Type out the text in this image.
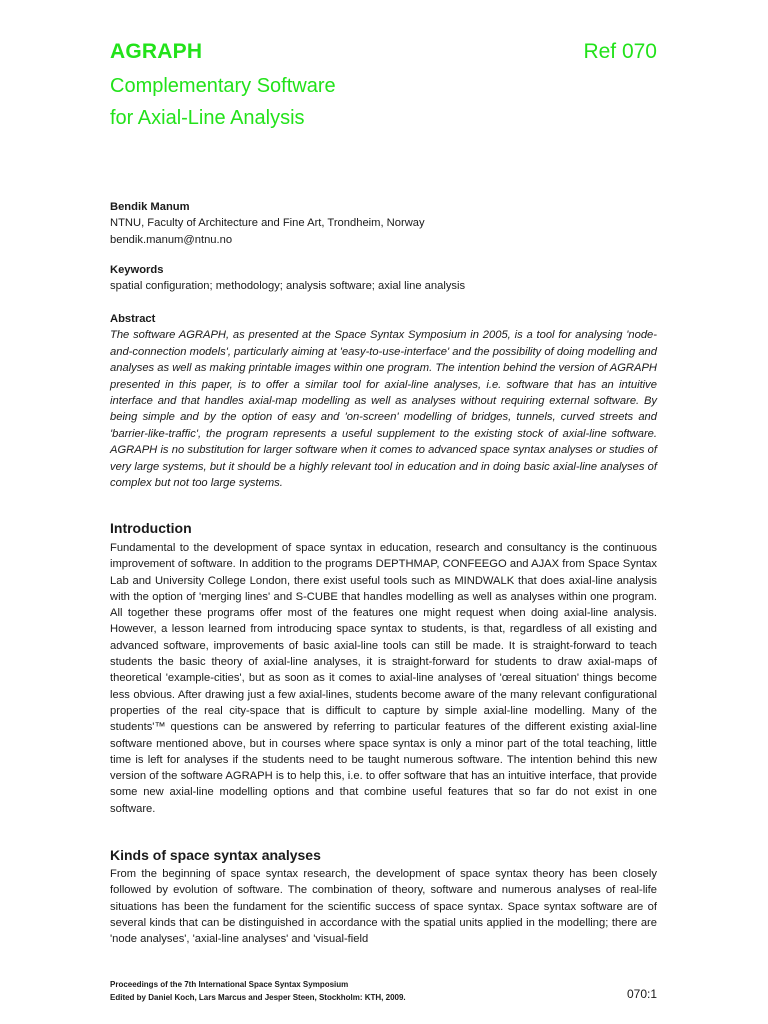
AGRAPH	Ref 070
Complementary Software
for Axial-Line Analysis
Bendik Manum
NTNU, Faculty of Architecture and Fine Art, Trondheim, Norway
bendik.manum@ntnu.no
Keywords
spatial configuration; methodology; analysis software; axial line analysis
Abstract

The software AGRAPH, as presented at the Space Syntax Symposium in 2005, is a tool for analysing 'node-and-connection models', particularly aiming at 'easy-to-use-interface' and the possibility of doing modelling and analyses as well as making printable images within one program. The intention behind the version of AGRAPH presented in this paper, is to offer a similar tool for axial-line analyses, i.e. software that has an intuitive interface and that handles axial-map modelling as well as analyses without requiring external software. By being simple and by the option of easy and 'on-screen' modelling of bridges, tunnels, curved streets and 'barrier-like-traffic', the program represents a useful supplement to the existing stock of axial-line software. AGRAPH is no substitution for larger software when it comes to advanced space syntax analyses or studies of very large systems, but it should be a highly relevant tool in education and in doing basic axial-line analyses of complex but not too large systems.

Introduction

Fundamental to the development of space syntax in education, research and consultancy is the continuous improvement of software. In addition to the programs DEPTHMAP, CONFEEGO and AJAX from Space Syntax Lab and University College London, there exist useful tools such as MINDWALK that does axial-line analysis with the option of 'merging lines' and S-CUBE that handles modelling as well as analyses within one program. All together these programs offer most of the features one might request when doing axial-line analysis. However, a lesson learned from introducing space syntax to students, is that, regardless of all existing and advanced software, improvements of basic axial-line tools can still be made. It is straight-forward to teach students the basic theory of axial-line analyses, it is straight-forward for students to draw axial-maps of theoretical 'example-cities', but as soon as it comes to axial-line analyses of 'œreal situation' things become less obvious. After drawing just a few axial-lines, students become aware of the many relevant configurational properties of the real city-space that is difficult to capture by simple axial-line modelling. Many of the students'™ questions can be answered by referring to particular features of the different existing axial-line software mentioned above, but in courses where space syntax is only a minor part of the total teaching, little time is left for analyses if the students need to be taught numerous software. The intention behind this new version of the software AGRAPH is to help this, i.e. to offer software that has an intuitive interface, that provide some new axial-line modelling options and that combine useful features that so far do not exist in one software.

Kinds of space syntax analyses

From the beginning of space syntax research, the development of space syntax theory has been closely followed by evolution of software. The combination of theory, software and numerous analyses of real-life situations has been the fundament for the scientific success of space syntax. Space syntax software are of several kinds that can be distinguished in accordance with the spatial units applied in the modelling; there are 'node analyses', 'axial-line analyses' and 'visual-field

Proceedings of the 7th International Space Syntax Symposium
Edited by Daniel Koch, Lars Marcus and Jesper Steen, Stockholm: KTH, 2009.	070:1
